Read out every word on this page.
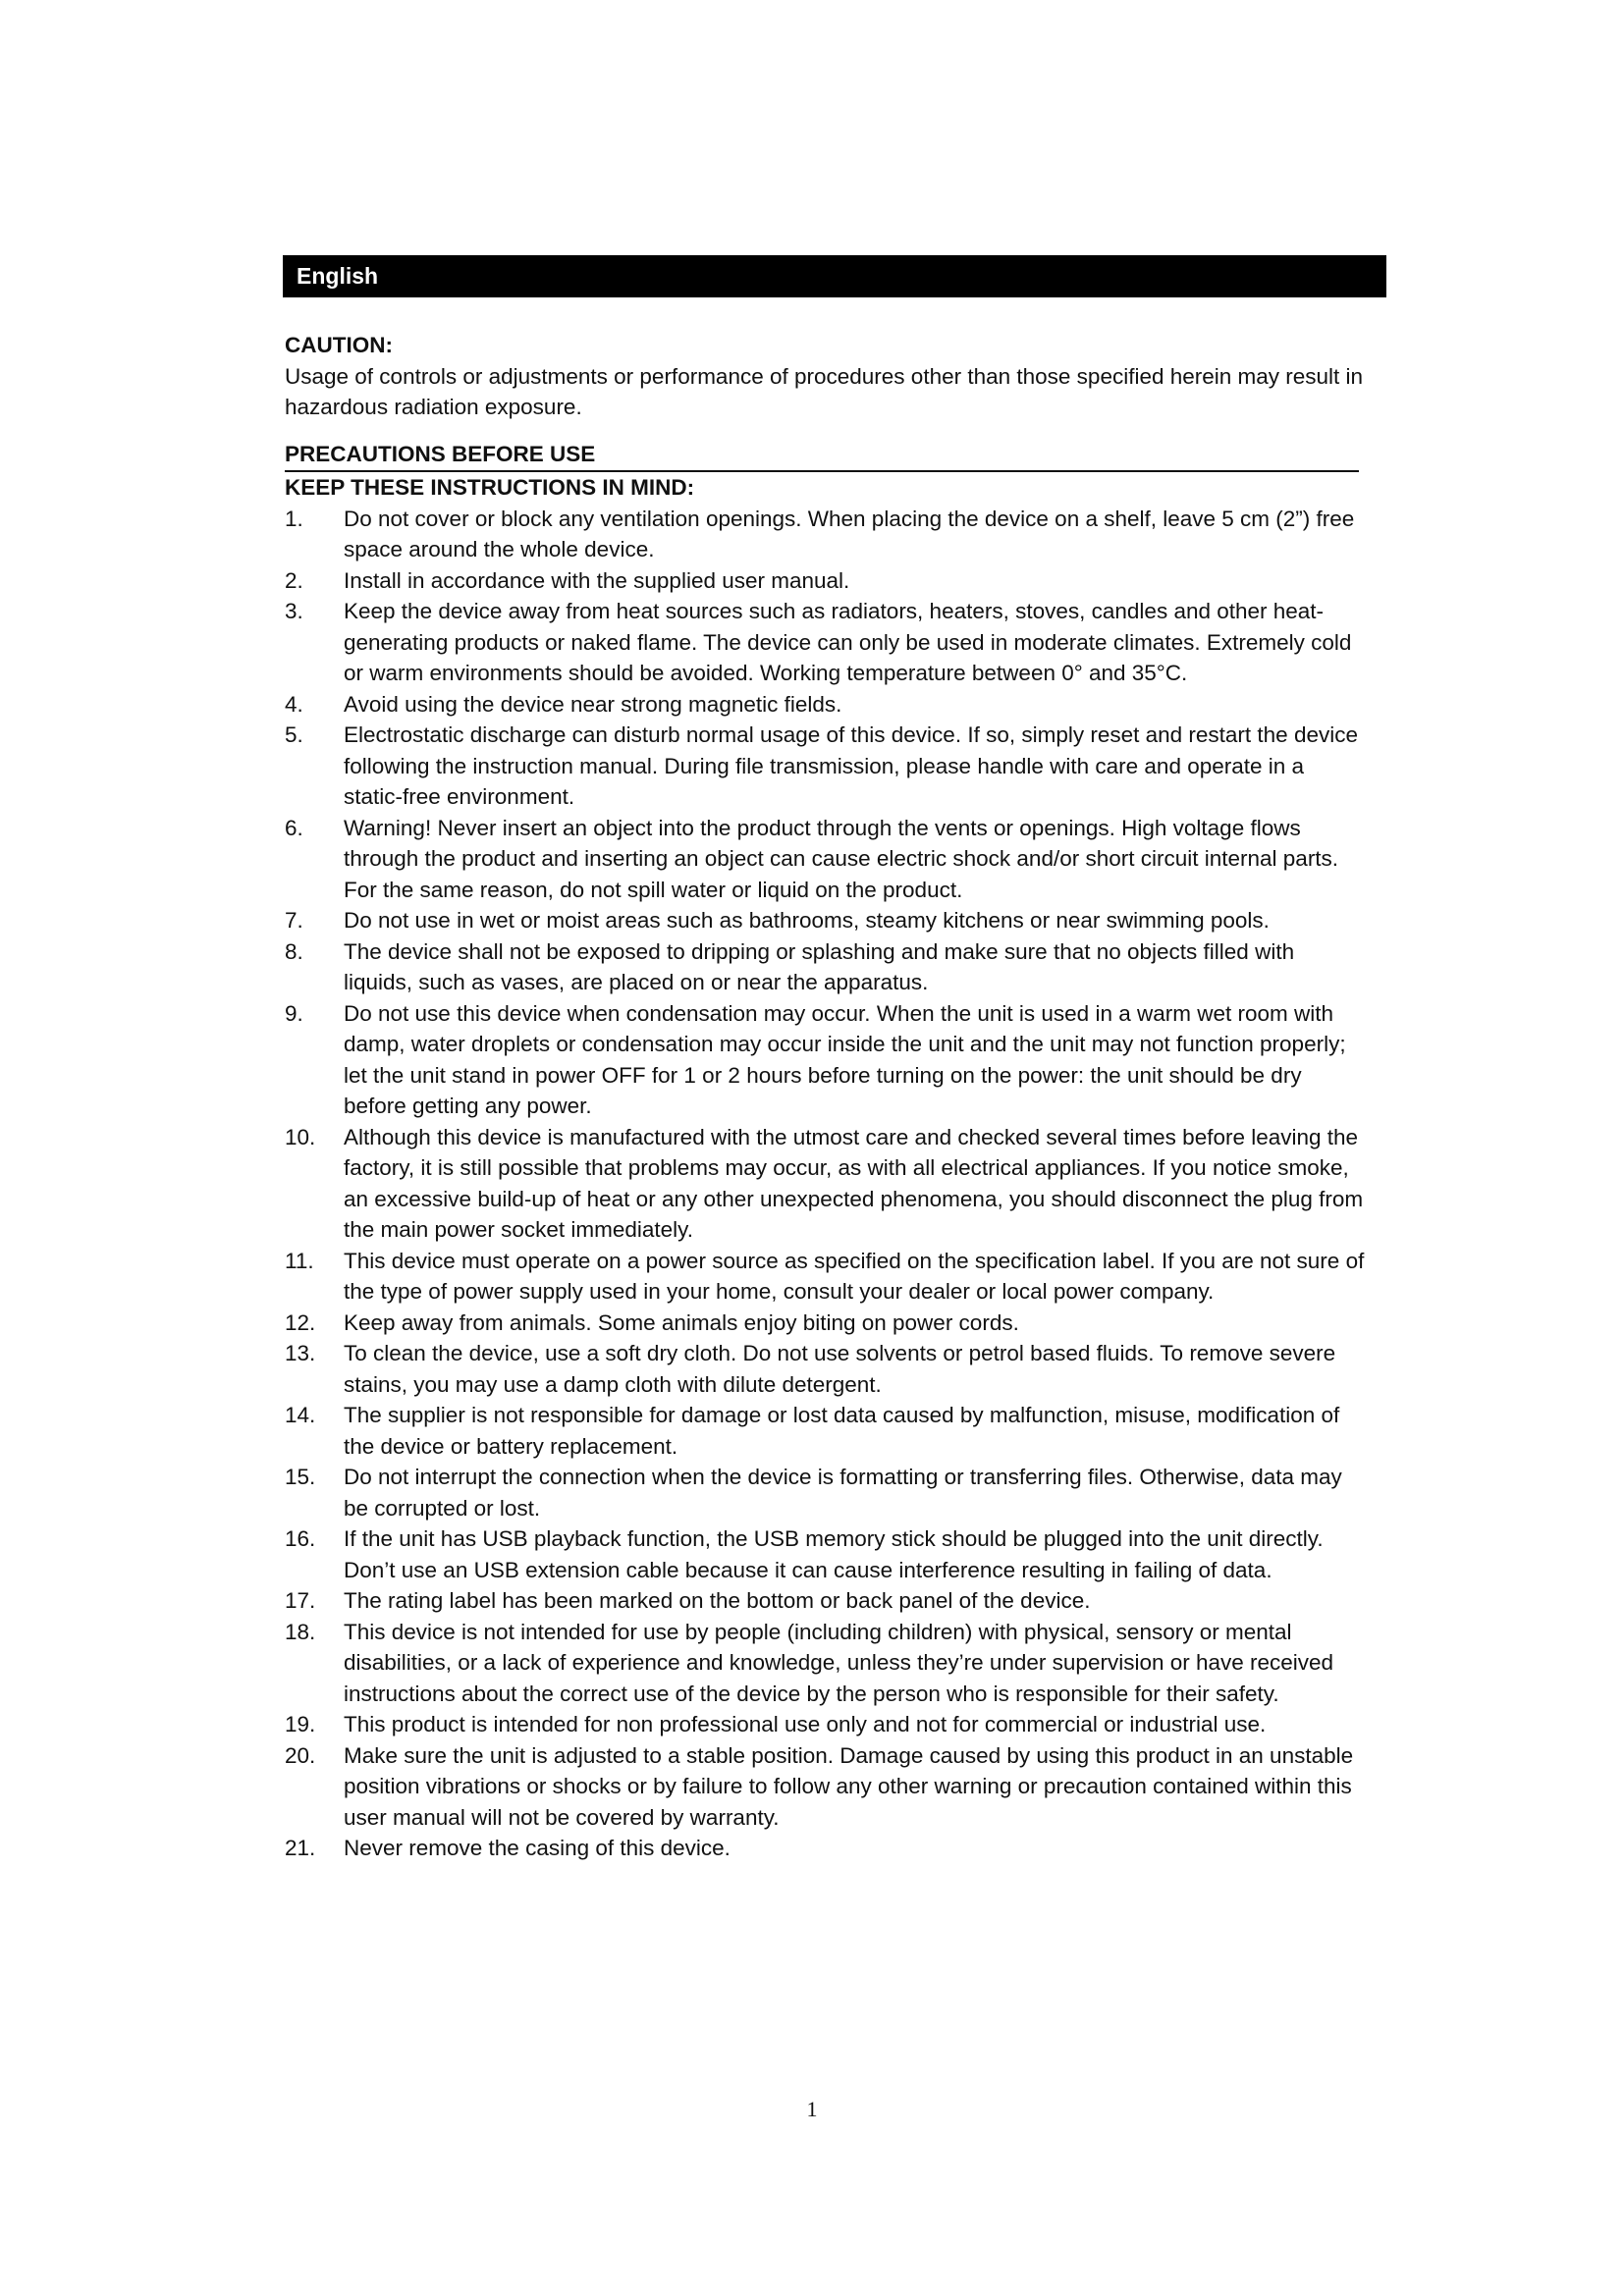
English

CAUTION:

Usage of controls or adjustments or performance of procedures other than those specified herein may result in hazardous radiation exposure.

PRECAUTIONS BEFORE USE

KEEP THESE INSTRUCTIONS IN MIND:

1. Do not cover or block any ventilation openings. When placing the device on a shelf, leave 5 cm (2”) free space around the whole device.
2. Install in accordance with the supplied user manual.
3. Keep the device away from heat sources such as radiators, heaters, stoves, candles and other heat-generating products or naked flame. The device can only be used in moderate climates. Extremely cold or warm environments should be avoided. Working temperature between 0° and 35°C.
4. Avoid using the device near strong magnetic fields.
5. Electrostatic discharge can disturb normal usage of this device. If so, simply reset and restart the device following the instruction manual. During file transmission, please handle with care and operate in a static-free environment.
6. Warning! Never insert an object into the product through the vents or openings. High voltage flows through the product and inserting an object can cause electric shock and/or short circuit internal parts. For the same reason, do not spill water or liquid on the product.
7. Do not use in wet or moist areas such as bathrooms, steamy kitchens or near swimming pools.
8. The device shall not be exposed to dripping or splashing and make sure that no objects filled with liquids, such as vases, are placed on or near the apparatus.
9. Do not use this device when condensation may occur. When the unit is used in a warm wet room with damp, water droplets or condensation may occur inside the unit and the unit may not function properly; let the unit stand in power OFF for 1 or 2 hours before turning on the power: the unit should be dry before getting any power.
10. Although this device is manufactured with the utmost care and checked several times before leaving the factory, it is still possible that problems may occur, as with all electrical appliances. If you notice smoke, an excessive build-up of heat or any other unexpected phenomena, you should disconnect the plug from the main power socket immediately.
11. This device must operate on a power source as specified on the specification label. If you are not sure of the type of power supply used in your home, consult your dealer or local power company.
12. Keep away from animals. Some animals enjoy biting on power cords.
13. To clean the device, use a soft dry cloth. Do not use solvents or petrol based fluids. To remove severe stains, you may use a damp cloth with dilute detergent.
14. The supplier is not responsible for damage or lost data caused by malfunction, misuse, modification of the device or battery replacement.
15. Do not interrupt the connection when the device is formatting or transferring files. Otherwise, data may be corrupted or lost.
16. If the unit has USB playback function, the USB memory stick should be plugged into the unit directly. Don’t use an USB extension cable because it can cause interference resulting in failing of data.
17. The rating label has been marked on the bottom or back panel of the device.
18. This device is not intended for use by people (including children) with physical, sensory or mental disabilities, or a lack of experience and knowledge, unless they’re under supervision or have received instructions about the correct use of the device by the person who is responsible for their safety.
19. This product is intended for non professional use only and not for commercial or industrial use.
20. Make sure the unit is adjusted to a stable position. Damage caused by using this product in an unstable position vibrations or shocks or by failure to follow any other warning or precaution contained within this user manual will not be covered by warranty.
21. Never remove the casing of this device.
1
